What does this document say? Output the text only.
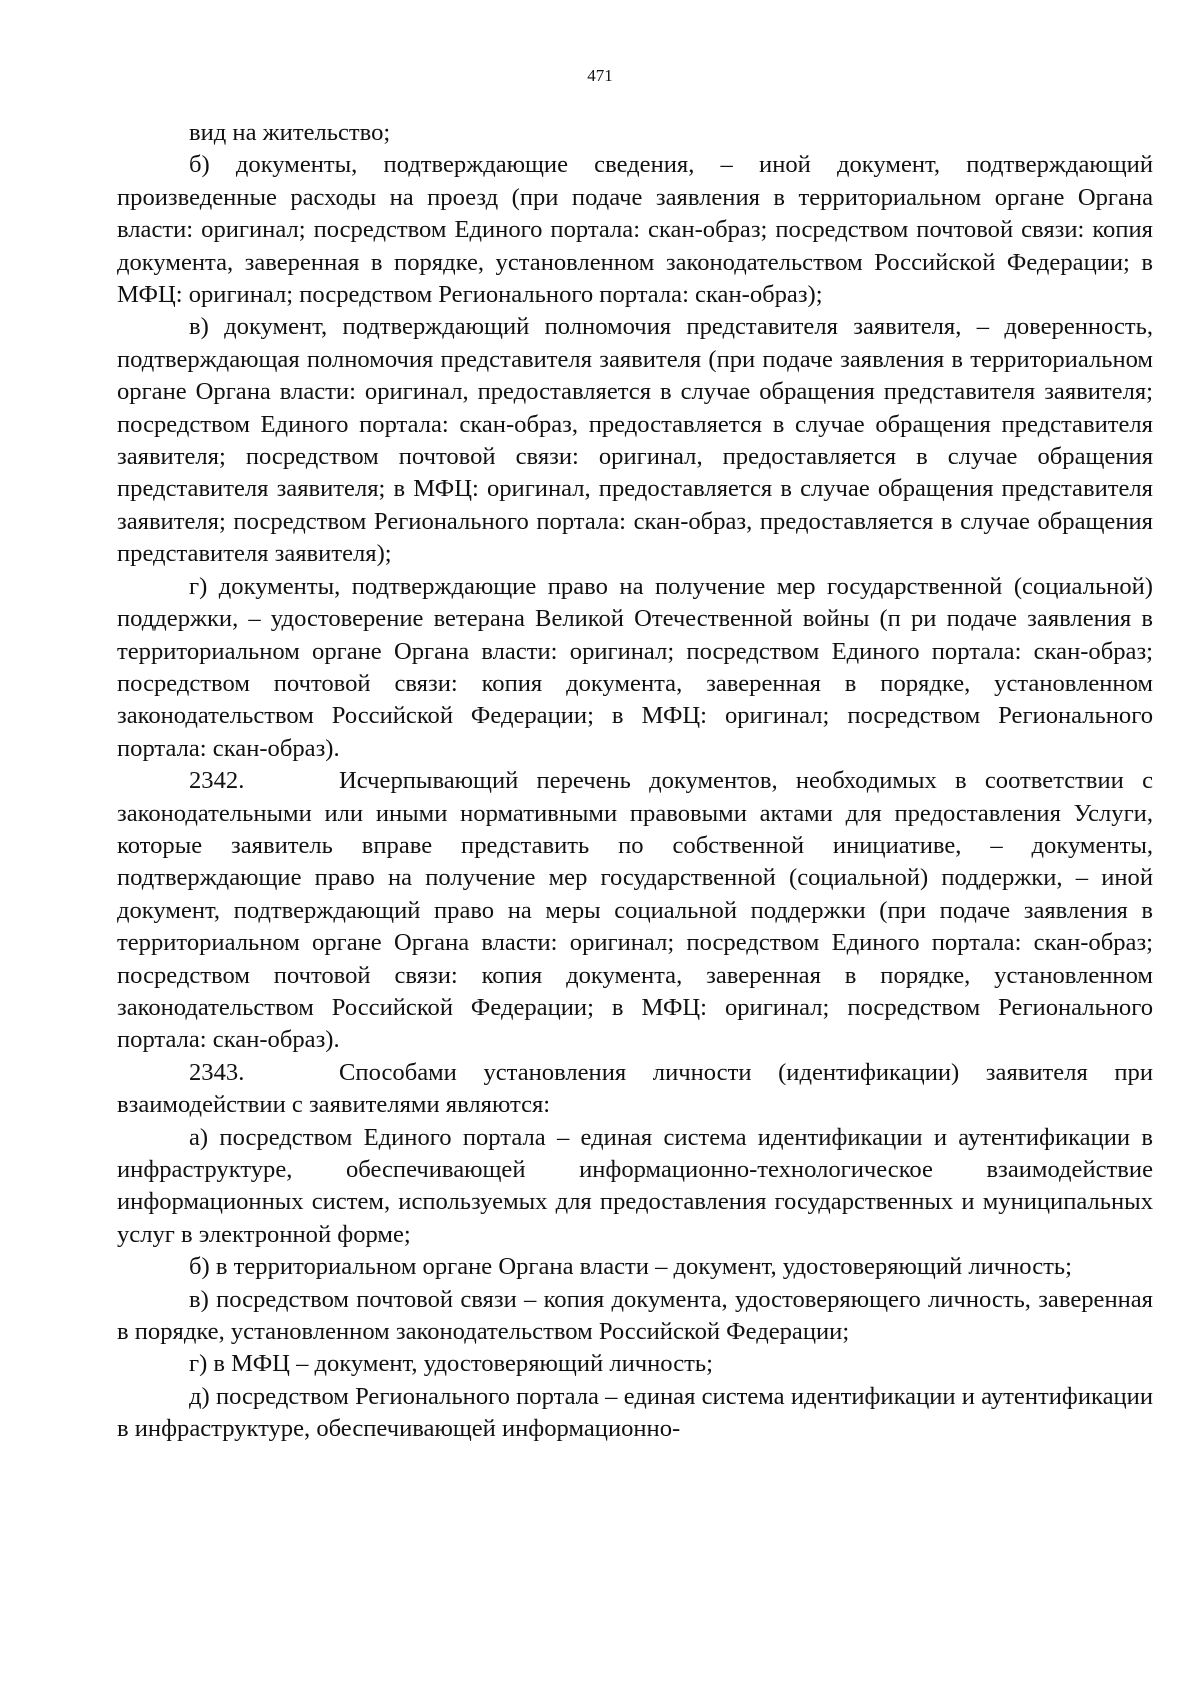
471

вид на жительство;

б) документы, подтверждающие сведения, – иной документ, подтверждающий произведенные расходы на проезд (при подаче заявления в территориальном органе Органа власти: оригинал; посредством Единого портала: скан-образ; посредством почтовой связи: копия документа, заверенная в порядке, установленном законодательством Российской Федерации; в МФЦ: оригинал; посредством Регионального портала: скан-образ);

в) документ, подтверждающий полномочия представителя заявителя, – доверенность, подтверждающая полномочия представителя заявителя (при подаче заявления в территориальном органе Органа власти: оригинал, предоставляется в случае обращения представителя заявителя; посредством Единого портала: скан-образ, предоставляется в случае обращения представителя заявителя; посредством почтовой связи: оригинал, предоставляется в случае обращения представителя заявителя; в МФЦ: оригинал, предоставляется в случае обращения представителя заявителя; посредством Регионального портала: скан-образ, предоставляется в случае обращения представителя заявителя);

г) документы, подтверждающие право на получение мер государственной (социальной) поддержки, – удостоверение ветерана Великой Отечественной войны (п ри подаче заявления в территориальном органе Органа власти: оригинал; посредством Единого портала: скан-образ; посредством почтовой связи: копия документа, заверенная в порядке, установленном законодательством Российской Федерации; в МФЦ: оригинал; посредством Регионального портала: скан-образ).

2342.	Исчерпывающий перечень документов, необходимых в соответствии с законодательными или иными нормативными правовыми актами для предоставления Услуги, которые заявитель вправе представить по собственной инициативе, – документы, подтверждающие право на получение мер государственной (социальной) поддержки, – иной документ, подтверждающий право на меры социальной поддержки (при подаче заявления в территориальном органе Органа власти: оригинал; посредством Единого портала: скан-образ; посредством почтовой связи: копия документа, заверенная в порядке, установленном законодательством Российской Федерации; в МФЦ: оригинал; посредством Регионального портала: скан-образ).

2343.	Способами установления личности (идентификации) заявителя при взаимодействии с заявителями являются:

а) посредством Единого портала – единая система идентификации и аутентификации в инфраструктуре, обеспечивающей информационно-технологическое взаимодействие информационных систем, используемых для предоставления государственных и муниципальных услуг в электронной форме;

б) в территориальном органе Органа власти – документ, удостоверяющий личность;

в) посредством почтовой связи – копия документа, удостоверяющего личность, заверенная в порядке, установленном законодательством Российской Федерации;

г) в МФЦ – документ, удостоверяющий личность;

д) посредством Регионального портала – единая система идентификации и аутентификации в инфраструктуре, обеспечивающей информационно-
